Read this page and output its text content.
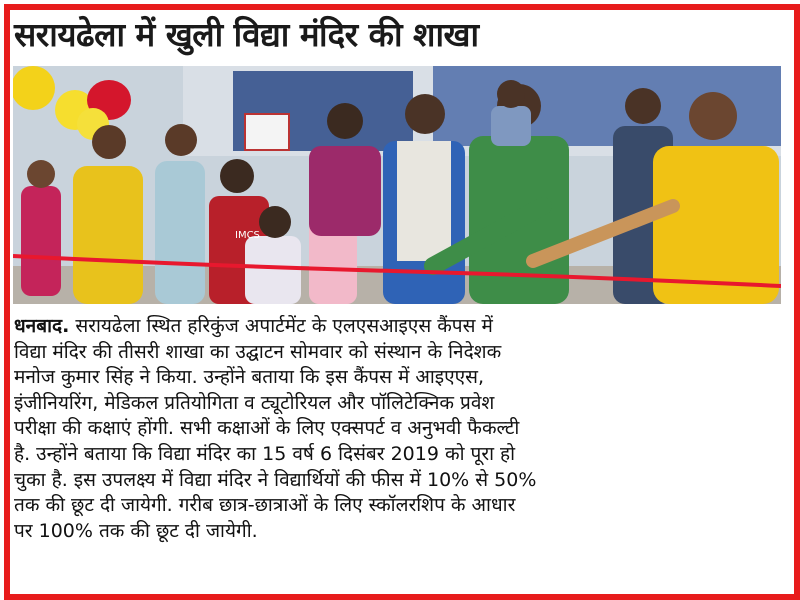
सरायढेला में खुली विद्या मंदिर की शाखा
IMCS
धनबाद. सरायढेला स्थित हरिकुंज अपार्टमेंट के एलएसआइएस कैंपस में
विद्या मंदिर की तीसरी शाखा का उद्घाटन सोमवार को संस्थान के निदेशक
मनोज कुमार सिंह ने किया. उन्होंने बताया कि इस कैंपस में आइएएस,
इंजीनियरिंग, मेडिकल प्रतियोगिता व ट्यूटोरियल और पॉलिटेक्निक प्रवेश
परीक्षा की कक्षाएं होंगी. सभी कक्षाओं के लिए एक्सपर्ट व अनुभवी फैकल्टी
है. उन्होंने बताया कि विद्या मंदिर का 15 वर्ष 6 दिसंबर 2019 को पूरा हो
चुका है. इस उपलक्ष्य में विद्या मंदिर ने विद्यार्थियों की फीस में 10% से 50%
तक की छूट दी जायेगी. गरीब छात्र-छात्राओं के लिए स्कॉलरशिप के आधार
पर 100% तक की छूट दी जायेगी.
